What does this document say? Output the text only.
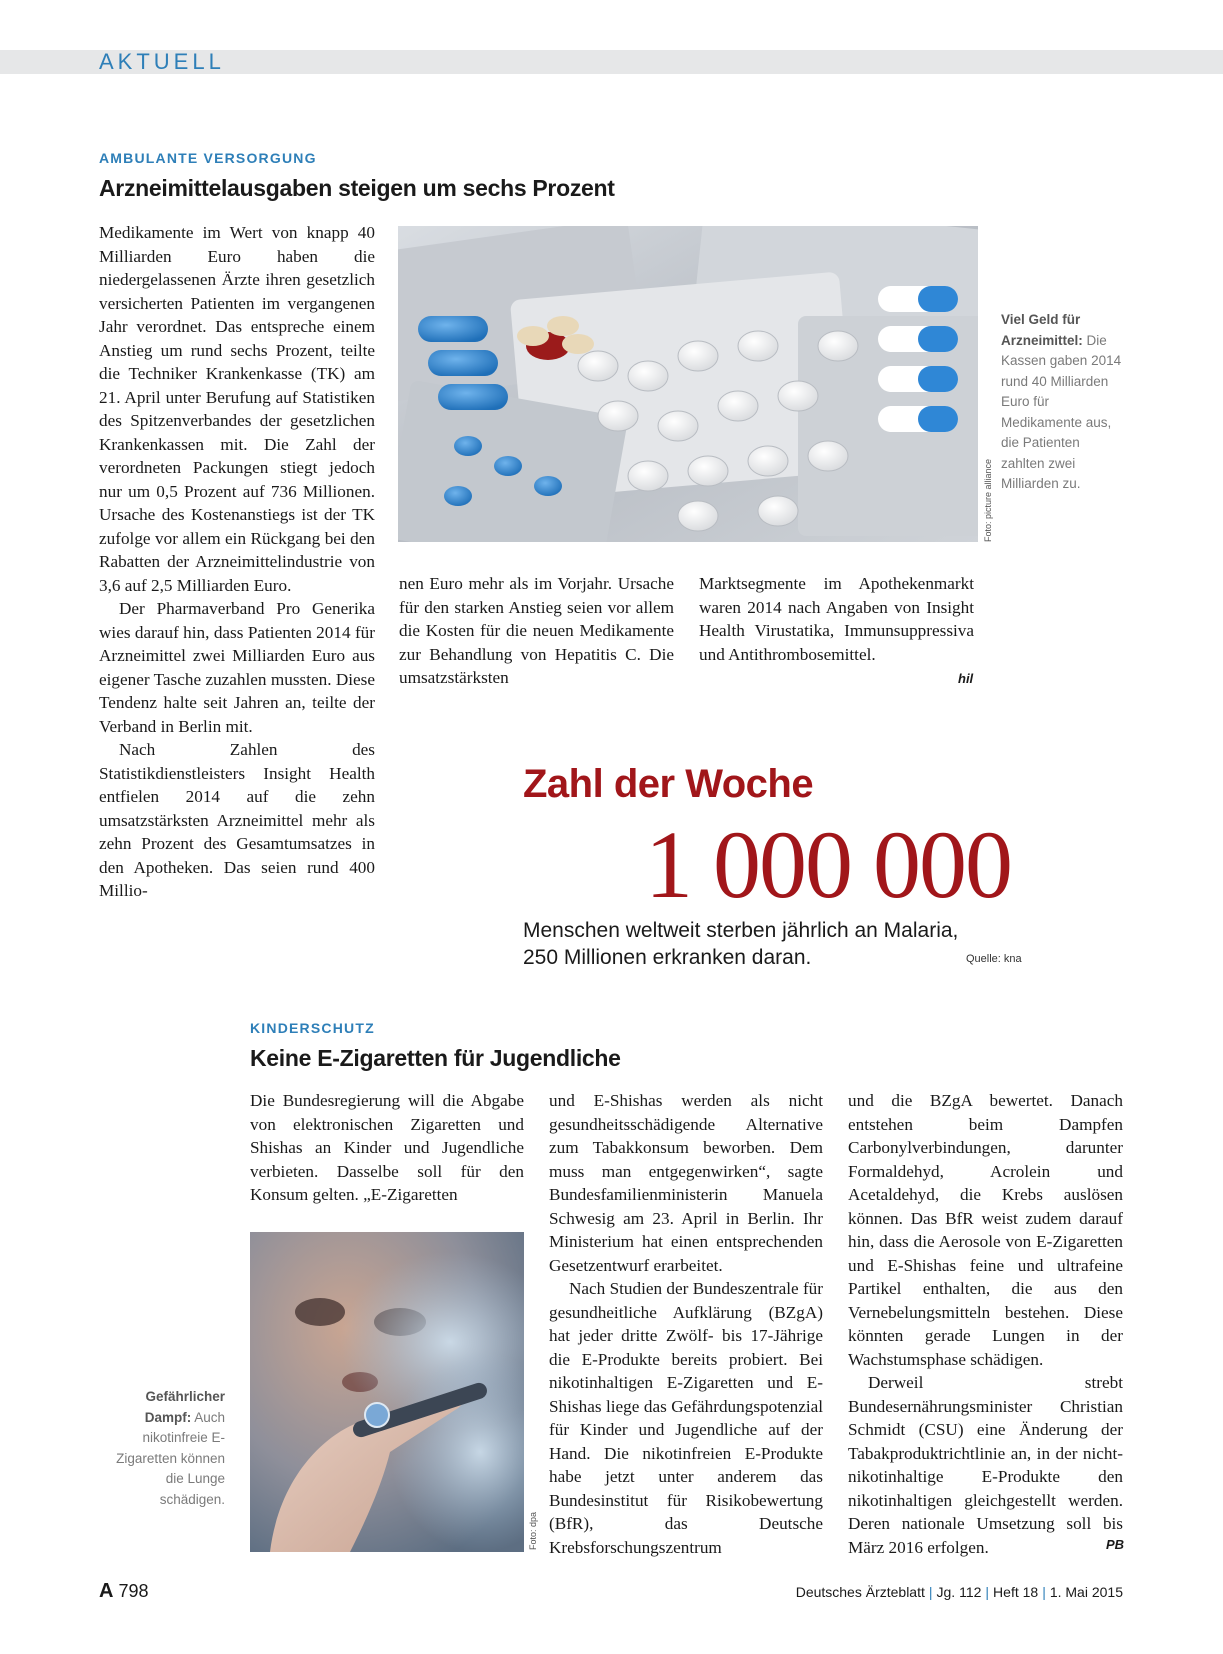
AKTUELL
AMBULANTE VERSORGUNG
Arzneimittelausgaben steigen um sechs Prozent

Medikamente im Wert von knapp 40 Milliarden Euro haben die niedergelassenen Ärzte ihren gesetzlich versicherten Patienten im vergangenen Jahr verordnet. Das entspreche einem Anstieg um rund sechs Prozent, teilte die Techniker Krankenkasse (TK) am 21. April unter Berufung auf Statistiken des Spitzenverbandes der gesetzlichen Krankenkassen mit. Die Zahl der verordneten Packungen stiegt jedoch nur um 0,5 Prozent auf 736 Millionen. Ursache des Kostenanstiegs ist der TK zufolge vor allem ein Rückgang bei den Rabatten der Arzneimittelindustrie von 3,6 auf 2,5 Milliarden Euro.

Der Pharmaverband Pro Generika wies darauf hin, dass Patienten 2014 für Arzneimittel zwei Milliarden Euro aus eigener Tasche zuzahlen mussten. Diese Tendenz halte seit Jahren an, teilte der Verband in Berlin mit.

Nach Zahlen des Statistikdienstleisters Insight Health entfielen 2014 auf die zehn umsatzstärksten Arzneimittel mehr als zehn Prozent des Gesamtumsatzes in den Apotheken. Das seien rund 400 Millio-

Foto: picture alliance
Viel Geld für Arzneimittel: Die Kassen gaben 2014 rund 40 Milliarden Euro für Medikamente aus, die Patienten zahlten zwei Milliarden zu.

nen Euro mehr als im Vorjahr. Ursache für den starken Anstieg seien vor allem die Kosten für die neuen Medikamente zur Behandlung von Hepatitis C. Die umsatzstärksten

Marktsegmente im Apothekenmarkt waren 2014 nach Angaben von Insight Health Virustatika, Immunsuppressiva und Antithrombosemittel.

hil
Zahl der Woche
1 000 000
Menschen weltweit sterben jährlich an Malaria, 250 Millionen erkranken daran.	Quelle: kna
KINDERSCHUTZ
Keine E-Zigaretten für Jugendliche

Die Bundesregierung will die Abgabe von elektronischen Zigaretten und Shishas an Kinder und Jugendliche verbieten. Dasselbe soll für den Konsum gelten. „E-Zigaretten

Foto: dpa
Gefährlicher Dampf: Auch nikotinfreie E-Zigaretten können die Lunge schädigen.

und E-Shishas werden als nicht gesundheitsschädigende Alternative zum Tabakkonsum beworben. Dem muss man entgegenwirken“, sagte Bundesfamilienministerin Manuela Schwesig am 23. April in Berlin. Ihr Ministerium hat einen entsprechenden Gesetzentwurf erarbeitet.

Nach Studien der Bundeszentrale für gesundheitliche Aufklärung (BZgA) hat jeder dritte Zwölf- bis 17-Jährige die E-Produkte bereits probiert. Bei nikotinhaltigen E-Zigaretten und E-Shishas liege das Gefährdungspotenzial für Kinder und Jugendliche auf der Hand. Die nikotinfreien E-Produkte habe jetzt unter anderem das Bundesinstitut für Risikobewertung (BfR), das Deutsche Krebsforschungszentrum

und die BZgA bewertet. Danach entstehen beim Dampfen Carbonylverbindungen, darunter Formaldehyd, Acrolein und Acetaldehyd, die Krebs auslösen können. Das BfR weist zudem darauf hin, dass die Aerosole von E-Zigaretten und E-Shishas feine und ultrafeine Partikel enthalten, die aus den Vernebelungsmitteln bestehen. Diese könnten gerade Lungen in der Wachstumsphase schädigen.

Derweil strebt Bundesernährungsminister Christian Schmidt (CSU) eine Änderung der Tabakproduktrichtlinie an, in der nicht-nikotinhaltige E-Produkte den nikotinhaltigen gleichgestellt werden. Deren nationale Umsetzung soll bis März 2016 erfolgen.	PB
A 798	Deutsches Ärzteblatt | Jg. 112 | Heft 18 | 1. Mai 2015
